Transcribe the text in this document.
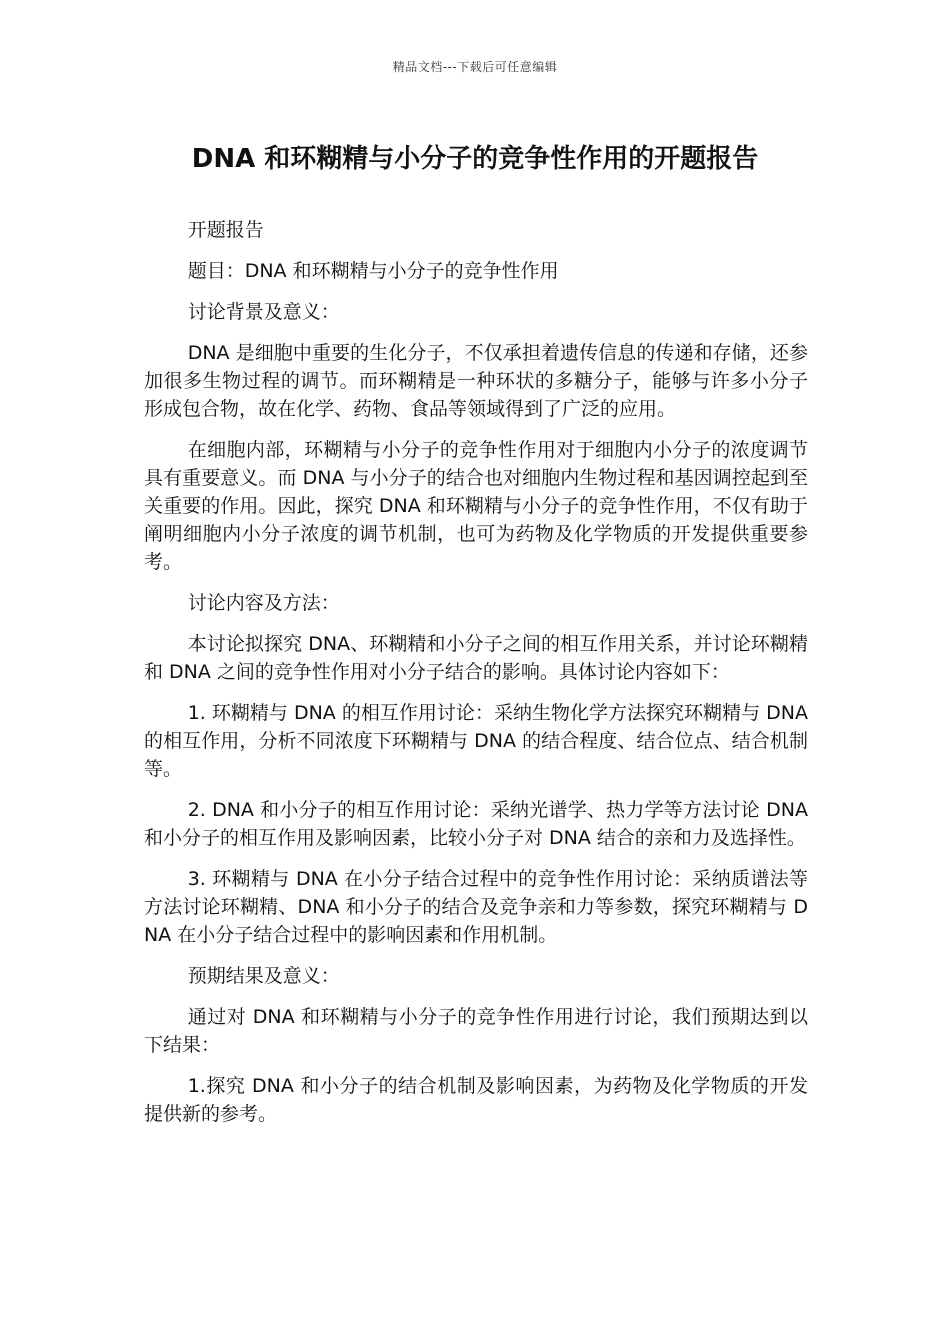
精品文档---下载后可任意编辑
DNA 和环糊精与小分子的竞争性作用的开题报告

开题报告

题目：DNA 和环糊精与小分子的竞争性作用

讨论背景及意义：

DNA 是细胞中重要的生化分子，不仅承担着遗传信息的传递和存储，还参加很多生物过程的调节。而环糊精是一种环状的多糖分子，能够与许多小分子形成包合物，故在化学、药物、食品等领域得到了广泛的应用。

在细胞内部，环糊精与小分子的竞争性作用对于细胞内小分子的浓度调节具有重要意义。而 DNA 与小分子的结合也对细胞内生物过程和基因调控起到至关重要的作用。因此，探究 DNA 和环糊精与小分子的竞争性作用，不仅有助于阐明细胞内小分子浓度的调节机制，也可为药物及化学物质的开发提供重要参考。

讨论内容及方法：

本讨论拟探究 DNA、环糊精和小分子之间的相互作用关系，并讨论环糊精和 DNA 之间的竞争性作用对小分子结合的影响。具体讨论内容如下：

1. 环糊精与 DNA 的相互作用讨论：采纳生物化学方法探究环糊精与 DNA 的相互作用，分析不同浓度下环糊精与 DNA 的结合程度、结合位点、结合机制等。

2. DNA 和小分子的相互作用讨论：采纳光谱学、热力学等方法讨论 DNA 和小分子的相互作用及影响因素，比较小分子对 DNA 结合的亲和力及选择性。

3. 环糊精与 DNA 在小分子结合过程中的竞争性作用讨论：采纳质谱法等方法讨论环糊精、DNA 和小分子的结合及竞争亲和力等参数，探究环糊精与 DNA 在小分子结合过程中的影响因素和作用机制。

预期结果及意义：

通过对 DNA 和环糊精与小分子的竞争性作用进行讨论，我们预期达到以下结果：

1.探究 DNA 和小分子的结合机制及影响因素，为药物及化学物质的开发提供新的参考。
